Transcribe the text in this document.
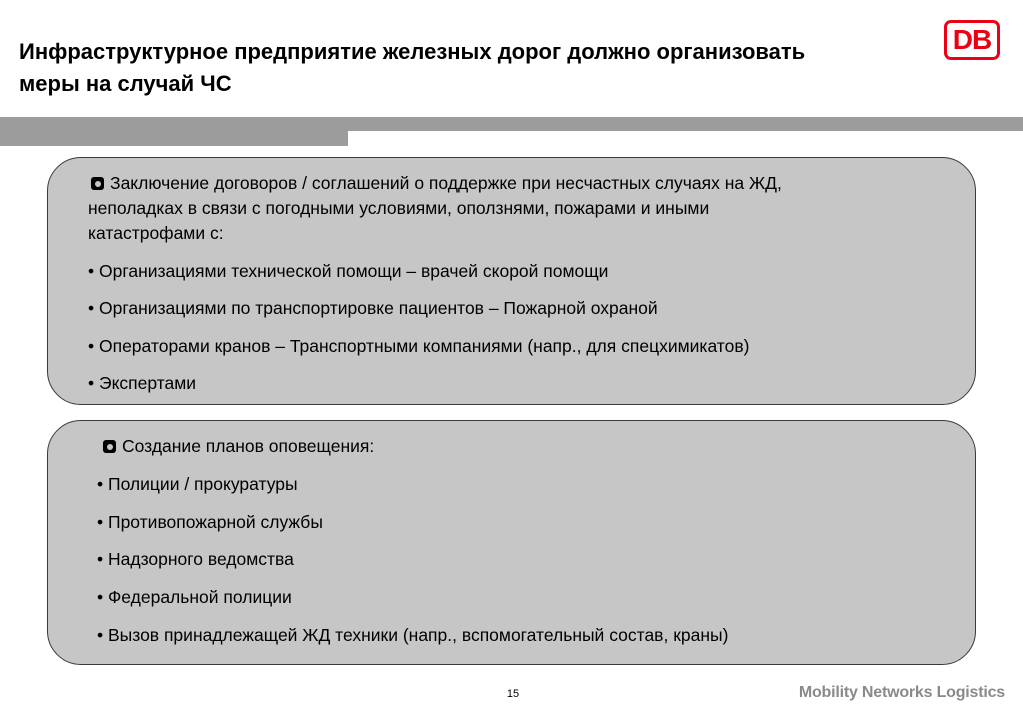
Инфраструктурное предприятие железных дорог должно организовать
меры на случай ЧС
DB
Заключение договоров / соглашений о поддержке при несчастных случаях на ЖД,
неполадках в связи с погодными условиями, оползнями, пожарами и иными
катастрофами с:
• Организациями технической помощи – врачей скорой помощи
• Организациями по транспортировке пациентов – Пожарной охраной
• Операторами кранов – Транспортными компаниями (напр., для спецхимикатов)
• Экспертами
Создание планов оповещения:
• Полиции / прокуратуры
• Противопожарной службы
• Надзорного ведомства
• Федеральной полиции
• Вызов принадлежащей ЖД техники (напр., вспомогательный состав, краны)
15	Mobility Networks Logistics
